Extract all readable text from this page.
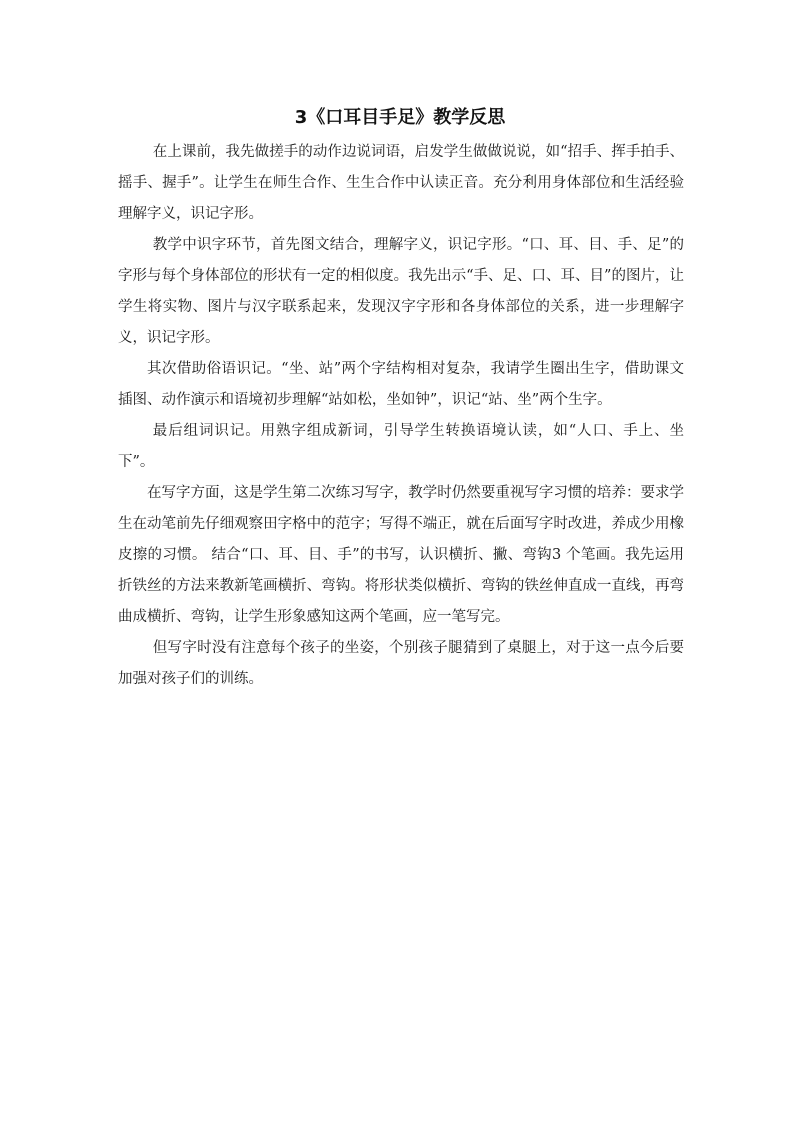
3《口耳目手足》教学反思

在上课前，我先做搓手的动作边说词语，启发学生做做说说，如“招手、挥手拍手、摇手、握手”。让学生在师生合作、生生合作中认读正音。充分利用身体部位和生活经验理解字义，识记字形。

教学中识字环节，首先图文结合，理解字义，识记字形。“口、耳、目、手、足”的字形与每个身体部位的形状有一定的相似度。我先出示“手、足、口、耳、目”的图片，让学生将实物、图片与汉字联系起来，发现汉字字形和各身体部位的关系，进一步理解字义，识记字形。

其次借助俗语识记。“坐、站”两个字结构相对复杂，我请学生圈出生字，借助课文 插图、动作演示和语境初步理解“站如松，坐如钟”，识记“站、坐”两个生字。

最后组词识记。用熟字组成新词，引导学生转换语境认读，如“人口、手上、坐下”。

在写字方面，这是学生第二次练习写字，教学时仍然要重视写字习惯的培养：要求学生在动笔前先仔细观察田字格中的范字；写得不端正，就在后面写字时改进，养成少用橡皮擦的习惯。 结合“口、耳、目、手”的书写，认识横折、撇、弯钩3 个笔画。我先运用折铁丝的方法来教新笔画横折、弯钩。将形状类似横折、弯钩的铁丝伸直成一直线，再弯曲成横折、弯钩，让学生形象感知这两个笔画，应一笔写完。

但写字时没有注意每个孩子的坐姿，个别孩子腿猜到了桌腿上，对于这一点今后要加强对孩子们的训练。
